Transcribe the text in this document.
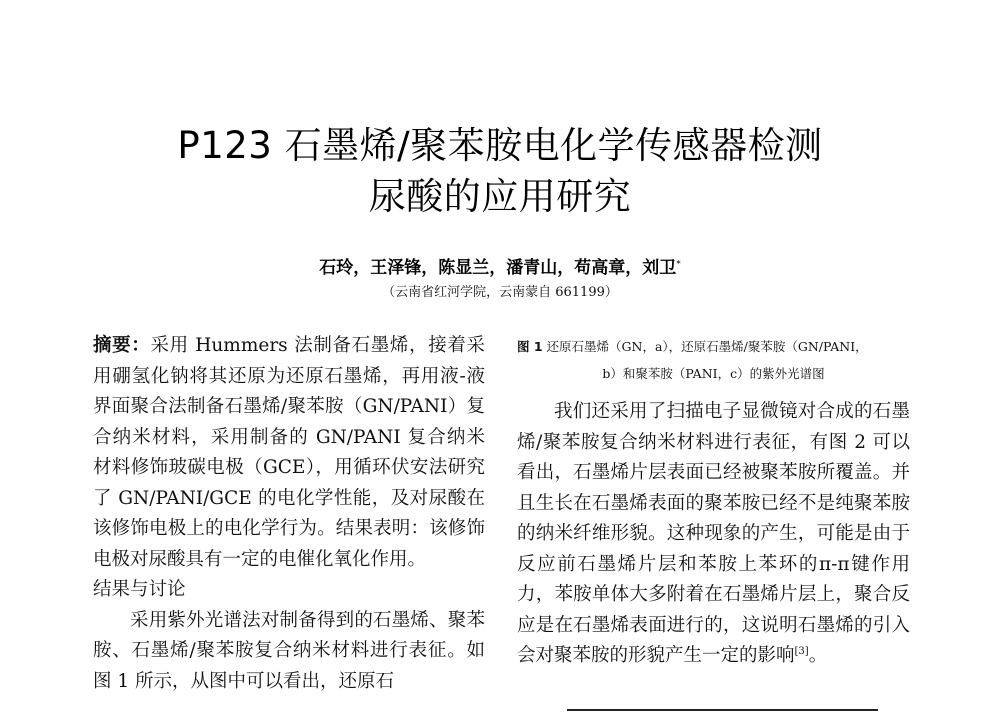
P123 石墨烯/聚苯胺电化学传感器检测
尿酸的应用研究
石玲，王泽锋，陈显兰，潘青山，苟高章，刘卫*
（云南省红河学院，云南蒙自 661199）

摘要：采用 Hummers 法制备石墨烯，接着采用硼氢化钠将其还原为还原石墨烯，再用液-液界面聚合法制备石墨烯/聚苯胺（GN/PANI）复合纳米材料，采用制备的 GN/PANI 复合纳米材料修饰玻碳电极（GCE），用循环伏安法研究了 GN/PANI/GCE 的电化学性能，及对尿酸在该修饰电极上的电化学行为。结果表明：该修饰电极对尿酸具有一定的电催化氧化作用。

结果与讨论

采用紫外光谱法对制备得到的石墨烯、聚苯胺、石墨烯/聚苯胺复合纳米材料进行表征。如图 1 所示，从图中可以看出，还原石

图 1 还原石墨烯（GN，a），还原石墨烯/聚苯胺（GN/PANI，

b）和聚苯胺（PANI，c）的紫外光谱图

我们还采用了扫描电子显微镜对合成的石墨烯/聚苯胺复合纳米材料进行表征，有图 2 可以看出，石墨烯片层表面已经被聚苯胺所覆盖。并且生长在石墨烯表面的聚苯胺已经不是纯聚苯胺的纳米纤维形貌。这种现象的产生，可能是由于反应前石墨烯片层和苯胺上苯环的π-π键作用力，苯胺单体大多附着在石墨烯片层上，聚合反应是在石墨烯表面进行的，这说明石墨烯的引入会对聚苯胺的形貌产生一定的影响[3]。
